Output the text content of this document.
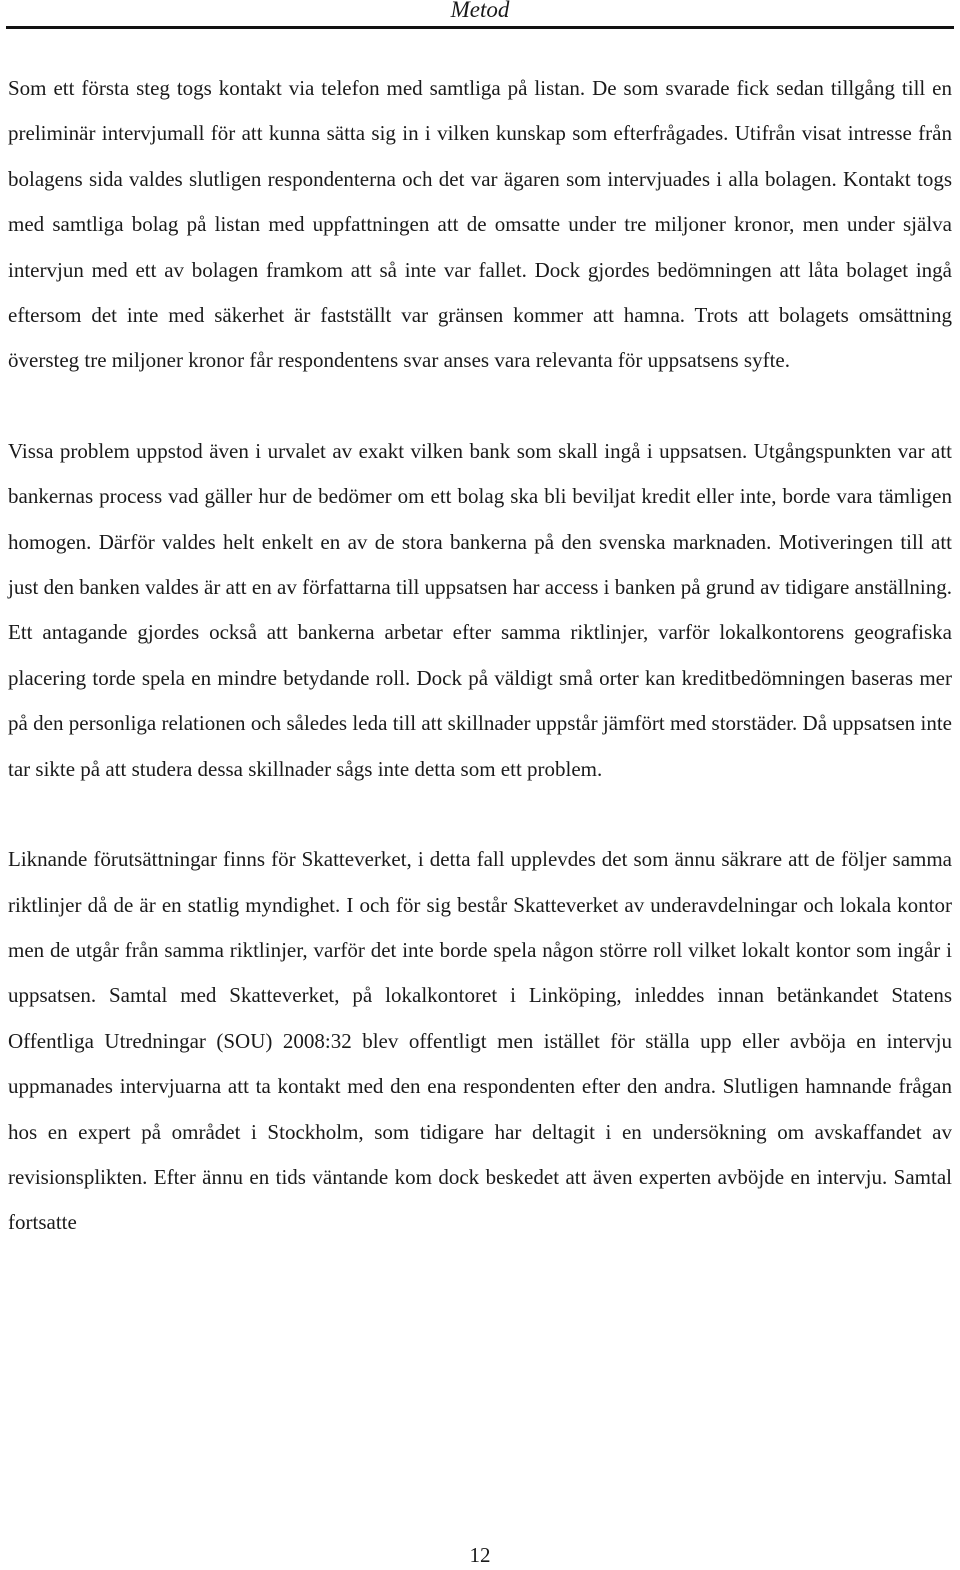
Metod

Som ett första steg togs kontakt via telefon med samtliga på listan. De som svarade fick sedan tillgång till en preliminär intervjumall för att kunna sätta sig in i vilken kunskap som efterfrågades. Utifrån visat intresse från bolagens sida valdes slutligen respondenterna och det var ägaren som intervjuades i alla bolagen. Kontakt togs med samtliga bolag på listan med uppfattningen att de omsatte under tre miljoner kronor, men under själva intervjun med ett av bolagen framkom att så inte var fallet. Dock gjordes bedömningen att låta bolaget ingå eftersom det inte med säkerhet är fastställt var gränsen kommer att hamna. Trots att bolagets omsättning översteg tre miljoner kronor får respondentens svar anses vara relevanta för uppsatsens syfte.

Vissa problem uppstod även i urvalet av exakt vilken bank som skall ingå i uppsatsen. Utgångspunkten var att bankernas process vad gäller hur de bedömer om ett bolag ska bli beviljat kredit eller inte, borde vara tämligen homogen. Därför valdes helt enkelt en av de stora bankerna på den svenska marknaden. Motiveringen till att just den banken valdes är att en av författarna till uppsatsen har access i banken på grund av tidigare anställning. Ett antagande gjordes också att bankerna arbetar efter samma riktlinjer, varför lokalkontorens geografiska placering torde spela en mindre betydande roll. Dock på väldigt små orter kan kreditbedömningen baseras mer på den personliga relationen och således leda till att skillnader uppstår jämfört med storstäder. Då uppsatsen inte tar sikte på att studera dessa skillnader sågs inte detta som ett problem.

Liknande förutsättningar finns för Skatteverket, i detta fall upplevdes det som ännu säkrare att de följer samma riktlinjer då de är en statlig myndighet. I och för sig består Skatteverket av underavdelningar och lokala kontor men de utgår från samma riktlinjer, varför det inte borde spela någon större roll vilket lokalt kontor som ingår i uppsatsen. Samtal med Skatteverket, på lokalkontoret i Linköping, inleddes innan betänkandet Statens Offentliga Utredningar (SOU) 2008:32 blev offentligt men istället för ställa upp eller avböja en intervju uppmanades intervjuarna att ta kontakt med den ena respondenten efter den andra. Slutligen hamnande frågan hos en expert på området i Stockholm, som tidigare har deltagit i en undersökning om avskaffandet av revisionsplikten. Efter ännu en tids väntande kom dock beskedet att även experten avböjde en intervju. Samtal fortsatte

12
